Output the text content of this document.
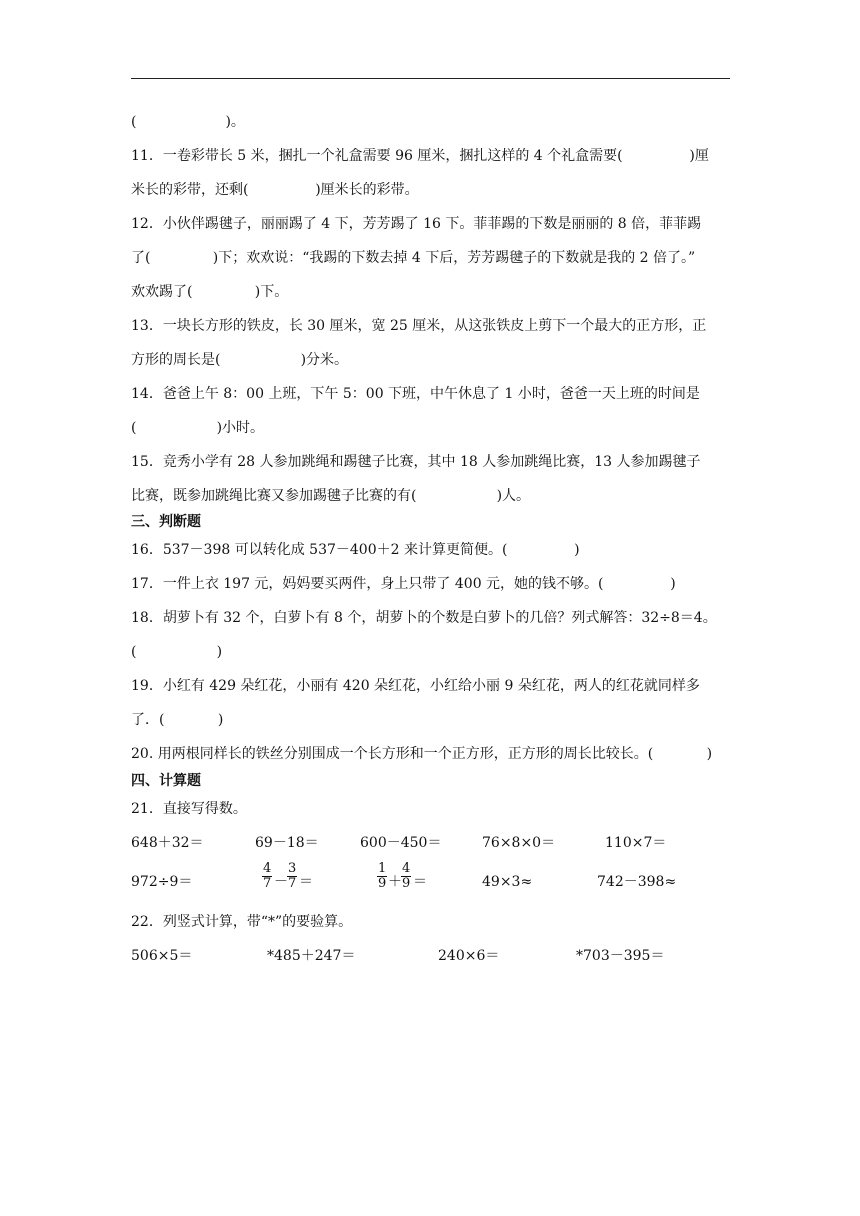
(                    )。
11．一卷彩带长 5 米，捆扎一个礼盒需要 96 厘米，捆扎这样的 4 个礼盒需要(               )厘
米长的彩带，还剩(               )厘米长的彩带。
12．小伙伴踢毽子，丽丽踢了 4 下，芳芳踢了 16 下。菲菲踢的下数是丽丽的 8 倍，菲菲踢
了(              )下；欢欢说：“我踢的下数去掉 4 下后，芳芳踢毽子的下数就是我的 2 倍了。”
欢欢踢了(              )下。
13．一块长方形的铁皮，长 30 厘米，宽 25 厘米，从这张铁皮上剪下一个最大的正方形，正
方形的周长是(                  )分米。
14．爸爸上午 8：00 上班，下午 5：00 下班，中午休息了 1 小时，爸爸一天上班的时间是
(                  )小时。
15．竞秀小学有 28 人参加跳绳和踢毽子比赛，其中 18 人参加跳绳比赛，13 人参加踢毽子
比赛，既参加跳绳比赛又参加踢毽子比赛的有(                  )人。
三、判断题
16．537－398 可以转化成 537－400＋2 来计算更简便。(               )
17．一件上衣 197 元，妈妈要买两件，身上只带了 400 元，她的钱不够。(               )
18．胡萝卜有 32 个，白萝卜有 8 个，胡萝卜的个数是白萝卜的几倍？列式解答：32÷8＝4。
(                  )
19．小红有 429 朵红花，小丽有 420 朵红花，小红给小丽 9 朵红花，两人的红花就同样多
了．(            )
20. 用两根同样长的铁丝分别围成一个长方形和一个正方形，正方形的周长比较长。(            )
四、计算题
21．直接写得数。
648＋32＝	69－18＝	600－450＝	76×8×0＝	110×7＝
972÷9＝	$\frac{4}{7} - \frac{3}{7}$ ＝	$\frac{1}{9} + \frac{4}{9}$ ＝	49×3≈	742－398≈
22．列竖式计算，带“*”的要验算。
506×5＝	*485＋247＝	240×6＝	*703－395＝
